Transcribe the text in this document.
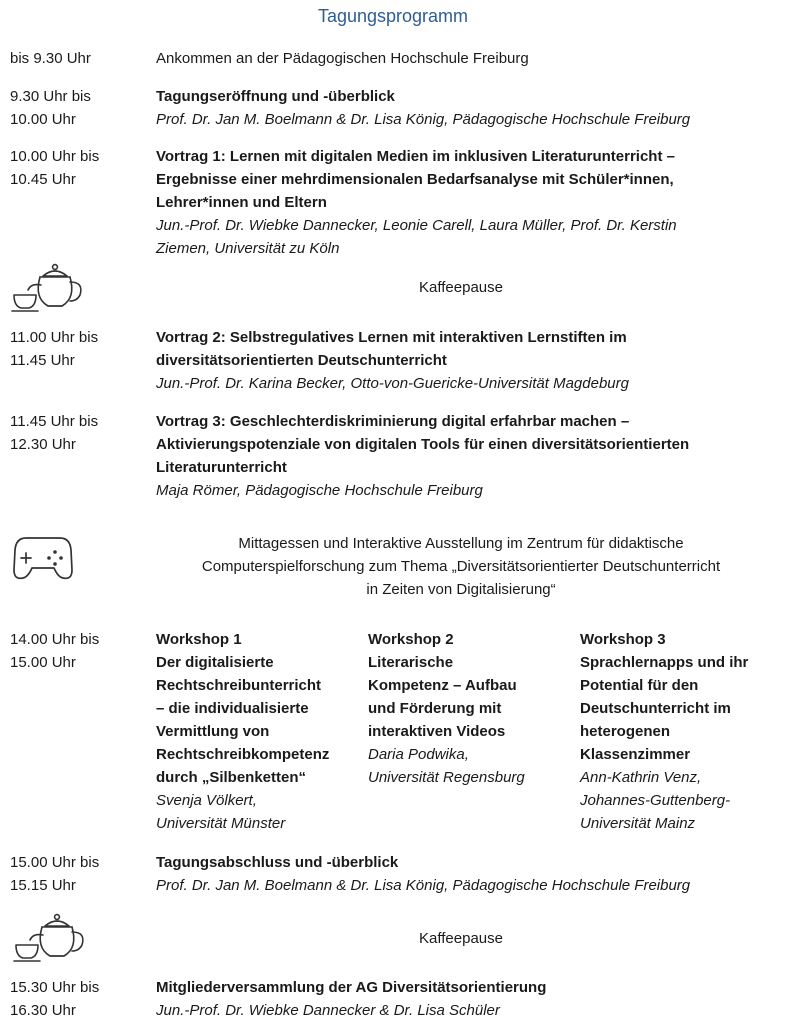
Tagungsprogramm
bis 9.30 Uhr	Ankommen an der Pädagogischen Hochschule Freiburg
9.30 Uhr bis
10.00 Uhr
Tagungseröffnung und -überblick
Prof. Dr. Jan M. Boelmann & Dr. Lisa König, Pädagogische Hochschule Freiburg
10.00 Uhr bis
10.45 Uhr
Vortrag 1: Lernen mit digitalen Medien im inklusiven Literaturunterricht –
Ergebnisse einer mehrdimensionalen Bedarfsanalyse mit Schüler*innen,
Lehrer*innen und Eltern
Jun.-Prof. Dr. Wiebke Dannecker, Leonie Carell, Laura Müller, Prof. Dr. Kerstin
Ziemen, Universität zu Köln
Kaffeepause
11.00 Uhr bis
11.45 Uhr
Vortrag 2: Selbstregulatives Lernen mit interaktiven Lernstiften im
diversitätsorientierten Deutschunterricht
Jun.-Prof. Dr. Karina Becker, Otto-von-Guericke-Universität Magdeburg
11.45 Uhr bis
12.30 Uhr
Vortrag 3: Geschlechterdiskriminierung digital erfahrbar machen –
Aktivierungspotenziale von digitalen Tools für einen diversitätsorientierten
Literaturunterricht
Maja Römer, Pädagogische Hochschule Freiburg
Mittagessen und Interaktive Ausstellung im Zentrum für didaktische
Computerspielforschung zum Thema „Diversitätsorientierter Deutschunterricht
in Zeiten von Digitalisierung“
14.00 Uhr bis
15.00 Uhr
Workshop 1
Der digitalisierte
Rechtschreibunterricht
– die individualisierte
Vermittlung von
Rechtschreibkompetenz
durch „Silbenketten“
Svenja Völkert,
Universität Münster
Workshop 2
Literarische
Kompetenz – Aufbau
und Förderung mit
interaktiven Videos
Daria Podwika,
Universität Regensburg
Workshop 3
Sprachlernapps und ihr
Potential für den
Deutschunterricht im
heterogenen
Klassenzimmer
Ann-Kathrin Venz,
Johannes-Guttenberg-
Universität Mainz
15.00 Uhr bis
15.15 Uhr
Tagungsabschluss und -überblick
Prof. Dr. Jan M. Boelmann & Dr. Lisa König, Pädagogische Hochschule Freiburg
Kaffeepause
15.30 Uhr bis
16.30 Uhr
Mitgliederversammlung der AG Diversitätsorientierung
Jun.-Prof. Dr. Wiebke Dannecker & Dr. Lisa Schüler
